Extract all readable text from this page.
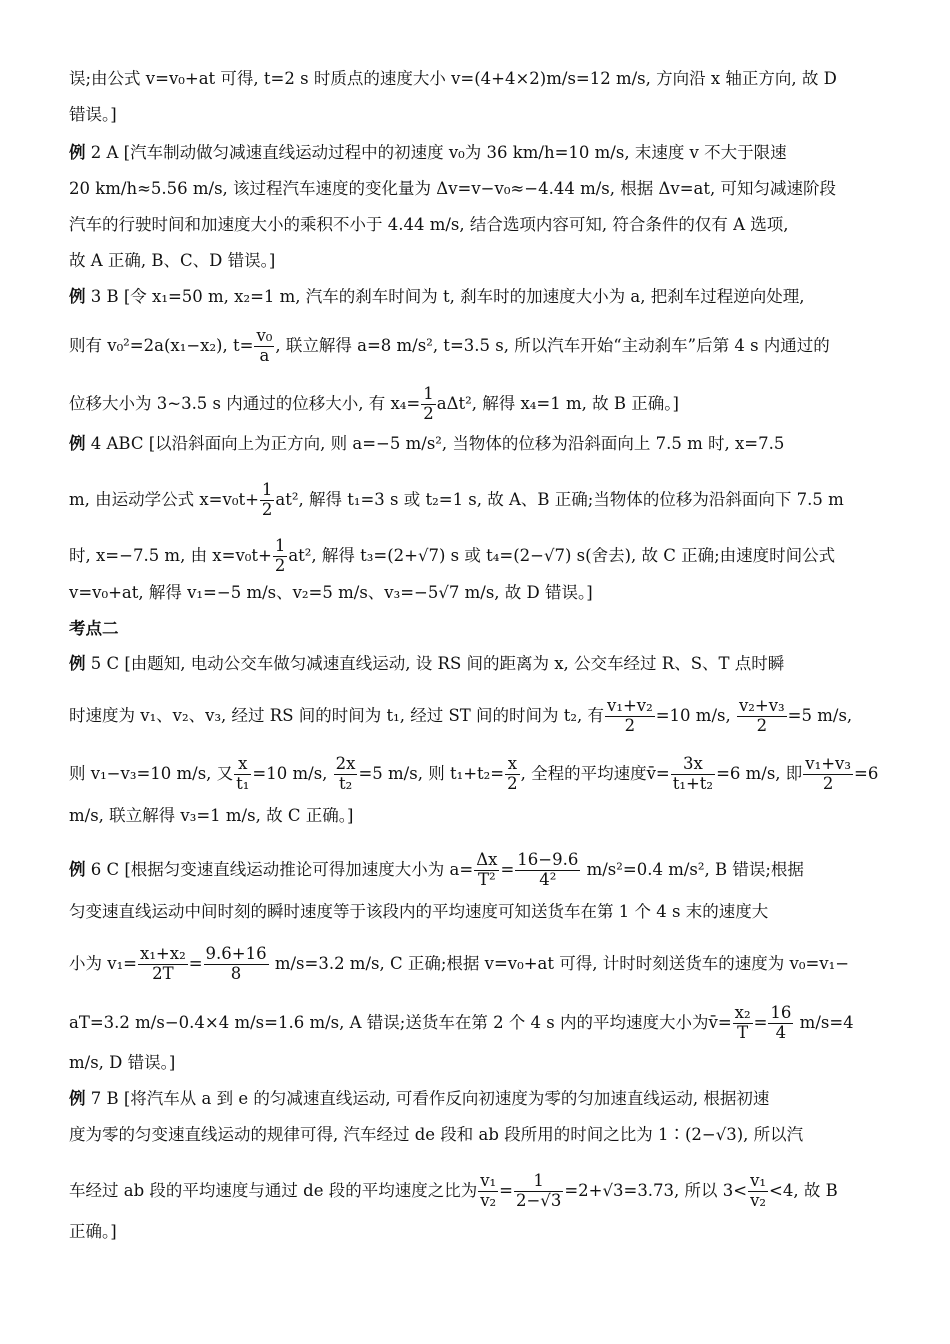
误;由公式 v=v₀+at 可得, t=2 s 时质点的速度大小 v=(4+4×2)m/s=12 m/s, 方向沿 x 轴正方向, 故 D
错误。]
例 2 A [汽车制动做匀减速直线运动过程中的初速度 v₀为 36 km/h=10 m/s, 末速度 v 不大于限速
20 km/h≈5.56 m/s, 该过程汽车速度的变化量为 Δv=v−v₀≈−4.44 m/s, 根据 Δv=at, 可知匀减速阶段
汽车的行驶时间和加速度大小的乘积不小于 4.44 m/s, 结合选项内容可知, 符合条件的仅有 A 选项,
故 A 正确, B、C、D 错误。]
例 3 B [令 x₁=50 m, x₂=1 m, 汽车的刹车时间为 t, 刹车时的加速度大小为 a, 把刹车过程逆向处理,
则有 v₀²=2a(x₁−x₂), $t= \frac{\text{v₀}}{a}$ , 联立解得 a=8 m/s², t=3.5 s, 所以汽车开始“主动刹车”后第 4 s 内通过的
位移大小为 3~3.5 s 内通过的位移大小, 有 $x_4= \frac{1}{2} a\Delta t^2$, 解得 x₄=1 m, 故 B 正确。]
例 4 ABC [以沿斜面向上为正方向, 则 a=−5 m/s², 当物体的位移为沿斜面向上 7.5 m 时, x=7.5
m, 由运动学公式 $x=v_0t+ \frac{1}{2} at^2$, 解得 t₁=3 s 或 t₂=1 s, 故 A、B 正确;当物体的位移为沿斜面向下 7.5 m
时, x=−7.5 m, 由 $x=v_0t+ \frac{1}{2} at^2$, 解得 t₃=(2+√7) s 或 t₄=(2−√7) s(舍去), 故 C 正确;由速度时间公式
v=v₀+at, 解得 v₁=−5 m/s、v₂=5 m/s、v₃=−5√7 m/s, 故 D 错误。]
考点二
例 5 C [由题知, 电动公交车做匀减速直线运动, 设 RS 间的距离为 x, 公交车经过 R、S、T 点时瞬
时速度为 v₁、v₂、v₃, 经过 RS 间的时间为 t₁, 经过 ST 间的时间为 t₂, 有 $\frac{\text{v₁+v₂}}{2} =10$ m/s, $\frac{\text{v₂+v₃}}{2} =5$ m/s,
则 v₁−v₃=10 m/s, 又 $\frac{x}{\text{t₁}} =10$ m/s, $\frac{2x}{\text{t₂}} =5$ m/s, 则 $t_1+t_2= \frac{x}{2}$ , 全程的平均速度v̄= $\frac{3x}{\text{t₁+t₂}} =6$ m/s, 即 $\frac{\text{v₁+v₃}}{2} =6$
m/s, 联立解得 v₃=1 m/s, 故 C 正确。]
例 6 C [根据匀变速直线运动推论可得加速度大小为 $a= \frac{\Delta x}{\text{T²}} = \frac{16-9.6}{\text{4²}} m/s^2=0.4$ m/s², B 错误;根据
匀变速直线运动中间时刻的瞬时速度等于该段内的平均速度可知送货车在第 1 个 4 s 末的速度大
小为 $v_1= \frac{\text{x₁+x₂}}{2T} = \frac{9.6+16}{8} m/s=3.2$ m/s, C 正确;根据 v=v₀+at 可得, 计时时刻送货车的速度为 v₀=v₁−
aT=3.2 m/s−0.4×4 m/s=1.6 m/s, A 错误;送货车在第 2 个 4 s 内的平均速度大小为v̄= $\frac{\text{x₂}}{T} = \frac{16}{4} m/s=4$
m/s, D 错误。]
例 7 B [将汽车从 a 到 e 的匀减速直线运动, 可看作反向初速度为零的匀加速直线运动, 根据初速
度为零的匀变速直线运动的规律可得, 汽车经过 de 段和 ab 段所用的时间之比为 1∶(2−√3), 所以汽
车经过 ab 段的平均速度与通过 de 段的平均速度之比为 $\frac{\text{v₁}}{\text{v₂}} = \frac{1}{2-√3} =2+√3=3.73$, 所以 $3< \frac{\text{v₁}}{\text{v₂}} <4$, 故 B
正确。]
